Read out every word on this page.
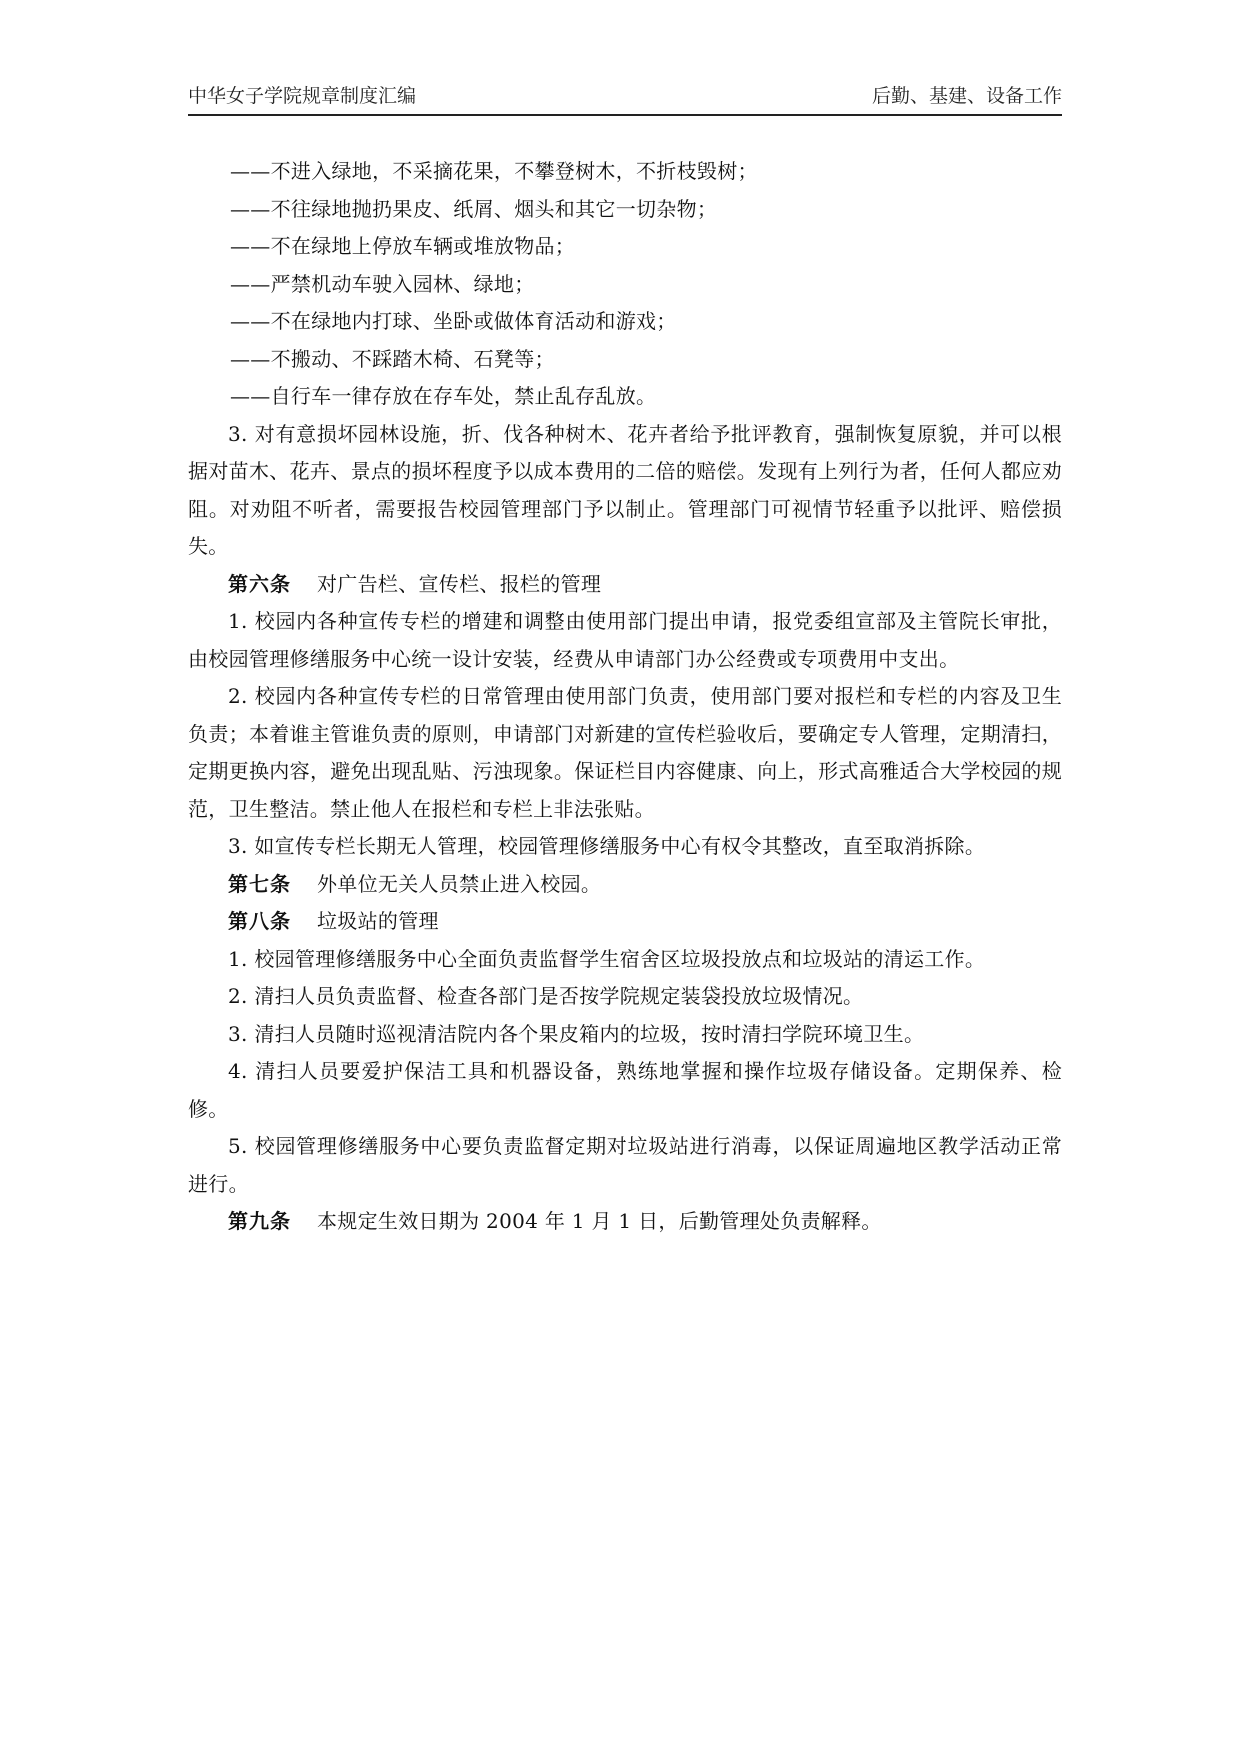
中华女子学院规章制度汇编	后勤、基建、设备工作

——不进入绿地，不采摘花果，不攀登树木，不折枝毁树；

——不往绿地抛扔果皮、纸屑、烟头和其它一切杂物；

——不在绿地上停放车辆或堆放物品；

——严禁机动车驶入园林、绿地；

——不在绿地内打球、坐卧或做体育活动和游戏；

——不搬动、不踩踏木椅、石凳等；

——自行车一律存放在存车处，禁止乱存乱放。

3. 对有意损坏园林设施，折、伐各种树木、花卉者给予批评教育，强制恢复原貌，并可以根据对苗木、花卉、景点的损坏程度予以成本费用的二倍的赔偿。发现有上列行为者，任何人都应劝阻。对劝阻不听者，需要报告校园管理部门予以制止。管理部门可视情节轻重予以批评、赔偿损失。

第六条 对广告栏、宣传栏、报栏的管理

1. 校园内各种宣传专栏的增建和调整由使用部门提出申请，报党委组宣部及主管院长审批，由校园管理修缮服务中心统一设计安装，经费从申请部门办公经费或专项费用中支出。

2. 校园内各种宣传专栏的日常管理由使用部门负责，使用部门要对报栏和专栏的内容及卫生负责；本着谁主管谁负责的原则，申请部门对新建的宣传栏验收后，要确定专人管理，定期清扫，定期更换内容，避免出现乱贴、污浊现象。保证栏目内容健康、向上，形式高雅适合大学校园的规范，卫生整洁。禁止他人在报栏和专栏上非法张贴。

3. 如宣传专栏长期无人管理，校园管理修缮服务中心有权令其整改，直至取消拆除。

第七条 外单位无关人员禁止进入校园。

第八条 垃圾站的管理

1. 校园管理修缮服务中心全面负责监督学生宿舍区垃圾投放点和垃圾站的清运工作。

2. 清扫人员负责监督、检查各部门是否按学院规定装袋投放垃圾情况。

3. 清扫人员随时巡视清洁院内各个果皮箱内的垃圾，按时清扫学院环境卫生。

4. 清扫人员要爱护保洁工具和机器设备，熟练地掌握和操作垃圾存储设备。定期保养、检修。

5. 校园管理修缮服务中心要负责监督定期对垃圾站进行消毒，以保证周遍地区教学活动正常进行。

第九条 本规定生效日期为 2004 年 1 月 1 日，后勤管理处负责解释。
